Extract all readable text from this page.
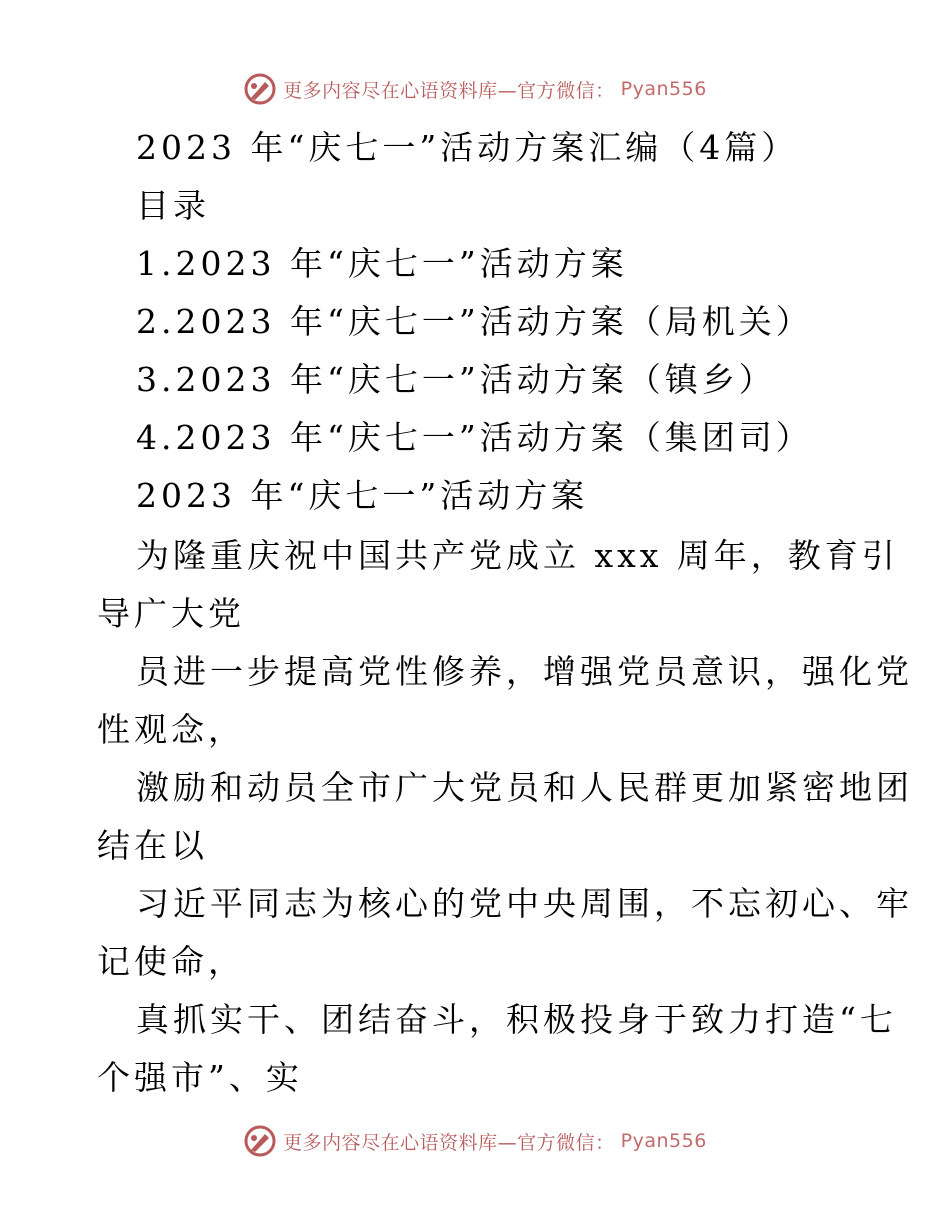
更多内容尽在心语资料库—官方微信： Pyan556
2023 年“庆七一”活动方案汇编（4篇）
目录
1.2023 年“庆七一”活动方案
2.2023 年“庆七一”活动方案（局机关）
3.2023 年“庆七一”活动方案（镇乡）
4.2023 年“庆七一”活动方案（集团司）
2023 年“庆七一”活动方案
为隆重庆祝中国共产党成立 xxx 周年，教育引
导广大党
员进一步提高党性修养，增强党员意识，强化党
性观念，
激励和动员全市广大党员和人民群更加紧密地团
结在以
习近平同志为核心的党中央周围，不忘初心、牢
记使命，
真抓实干、团结奋斗，积极投身于致力打造“七
个强市”、实
更多内容尽在心语资料库—官方微信： Pyan556
